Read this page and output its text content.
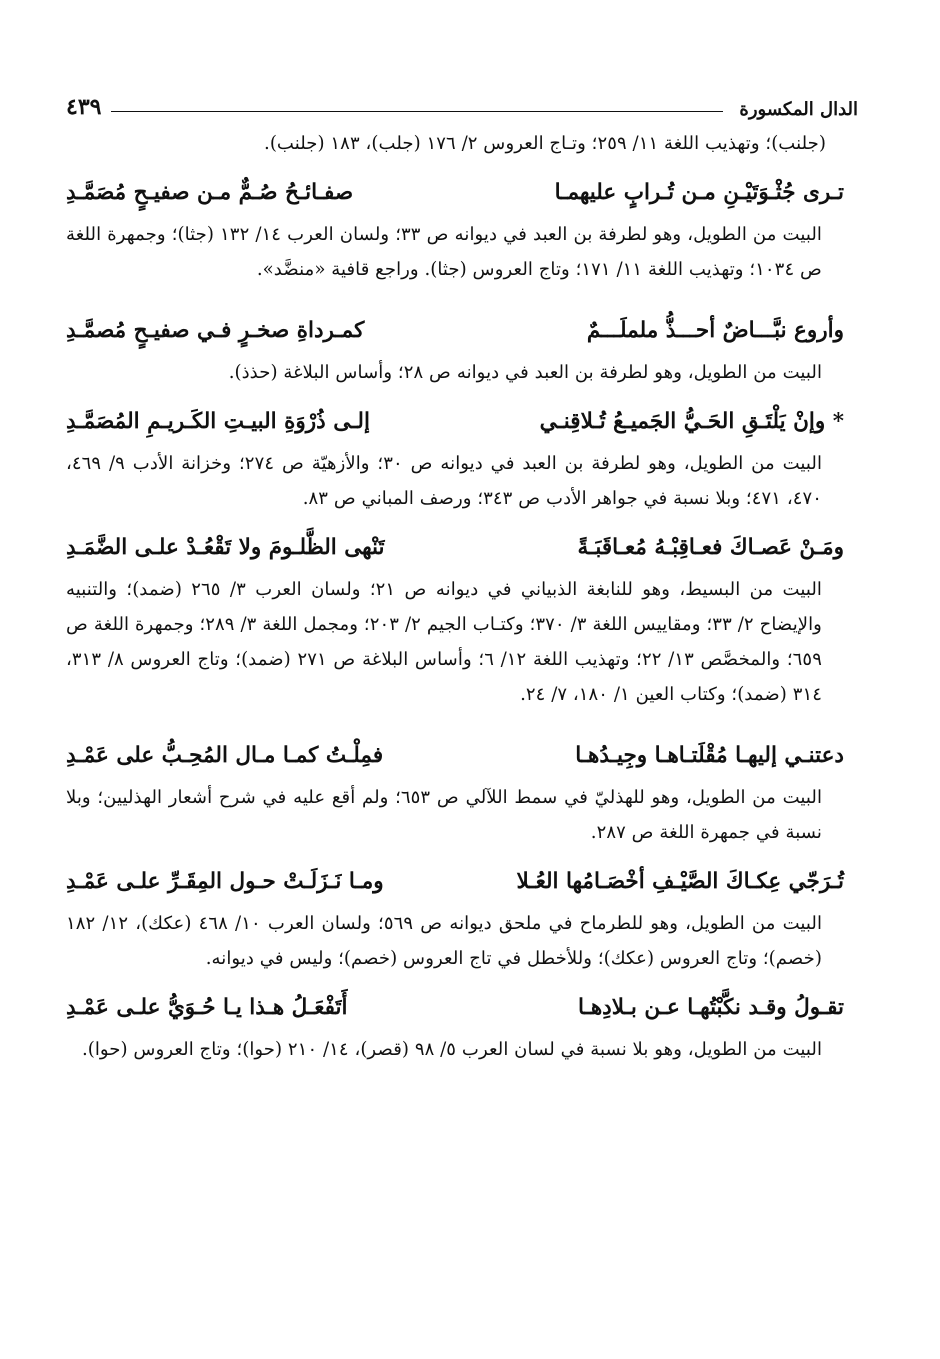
الدال المكسورة
٤٣٩

(جلنب)؛ وتهذيب اللغة ١١/ ٢٥٩؛ وتـاج العروس ٢/ ١٧٦ (جلب)، ١٨٣ (جلنب).

تـرى جُثْـوَتَيْـنِ مـن تُـرابٍ عليهمـا
صفـائـحُ صُـمٌّ مـن صفيـحٍ مُصَمَّـدِ

البيت من الطويل، وهو لطرفة بن العبد في ديوانه ص ٣٣؛ ولسان العرب ١٤/ ١٣٢ (جثا)؛ وجمهرة اللغة ص ١٠٣٤؛ وتهذيب اللغة ١١/ ١٧١؛ وتاج العروس (جثا). وراجع قافية «منضَّد».

وأروع نبَّـــاضٌ أحـــذُّ ململَـــمٌ
كمـرداةِ صخـرٍ فـي صفيـحٍ مُصمَّـدِ

البيت من الطويل، وهو لطرفة بن العبد في ديوانه ص ٢٨؛ وأساس البلاغة (حذذ).

* وإنْ يَلْتَـقِ الحَـيُّ الجَميـعُ تُـلاقِنـي
إلـى ذُرْوَةِ البيـتِ الكَـريـمِ المُصَمَّـدِ

البيت من الطويل، وهو لطرفة بن العبد في ديوانه ص ٣٠؛ والأزهيّة ص ٢٧٤؛ وخزانة الأدب ٩/ ٤٦٩، ٤٧٠، ٤٧١؛ وبلا نسبة في جواهر الأدب ص ٣٤٣؛ ورصف المباني ص ٨٣.

ومَـنْ عَصـاكَ فعـاقِبْـهُ مُعـاقَبَـةً
تَنْهى الظَّلـومَ ولا تَقْعُـدْ علـى الضَّمَـدِ

البيت من البسيط، وهو للنابغة الذبياني في ديوانه ص ٢١؛ ولسان العرب ٣/ ٢٦٥ (ضمد)؛ والتنبيه والإيضاح ٢/ ٣٣؛ ومقاييس اللغة ٣/ ٣٧٠؛ وكتـاب الجيم ٢/ ٢٠٣؛ ومجمل اللغة ٣/ ٢٨٩؛ وجمهرة اللغة ص ٦٥٩؛ والمخصَّص ١٣/ ٢٢؛ وتهذيب اللغة ١٢/ ٦؛ وأساس البلاغة ص ٢٧١ (ضمد)؛ وتاج العروس ٨/ ٣١٣، ٣١٤ (ضمد)؛ وكتاب العين ١/ ١٨٠، ٧/ ٢٤.

دعتنـي إليهـا مُقْلَتـاهـا وجِيـدُهـا
فمِلْـتُ كمـا مـال المُحِـبُّ على عَمْـدِ

البيت من الطويل، وهو للهذليّ في سمط اللآلي ص ٦٥٣؛ ولم أقع عليه في شرح أشعار الهذليين؛ وبلا نسبة في جمهرة اللغة ص ٢٨٧.

تُـرَجّي عِكـاكَ الصَّيْـفِ أخْصَـامُها العُـلا
ومـا نَـزَلَـتْ حـول المِقَـرِّ علـى عَمْـدِ

البيت من الطويل، وهو للطرماح في ملحق ديوانه ص ٥٦٩؛ ولسان العرب ١٠/ ٤٦٨ (عكك)، ١٢/ ١٨٢ (خصم)؛ وتاج العروس (عكك)؛ وللأخطل في تاج العروس (خصم)؛ وليس في ديوانه.

تقـولُ وقـد نكَّبْتُهـا عـن بـلادِهـا
أَتَفْعَـلُ هـذا يـا حُـوَيُّ علـى عَمْـدِ

البيت من الطويل، وهو بلا نسبة في لسان العرب ٥/ ٩٨ (قصر)، ١٤/ ٢١٠ (حوا)؛ وتاج العروس (حوا).
